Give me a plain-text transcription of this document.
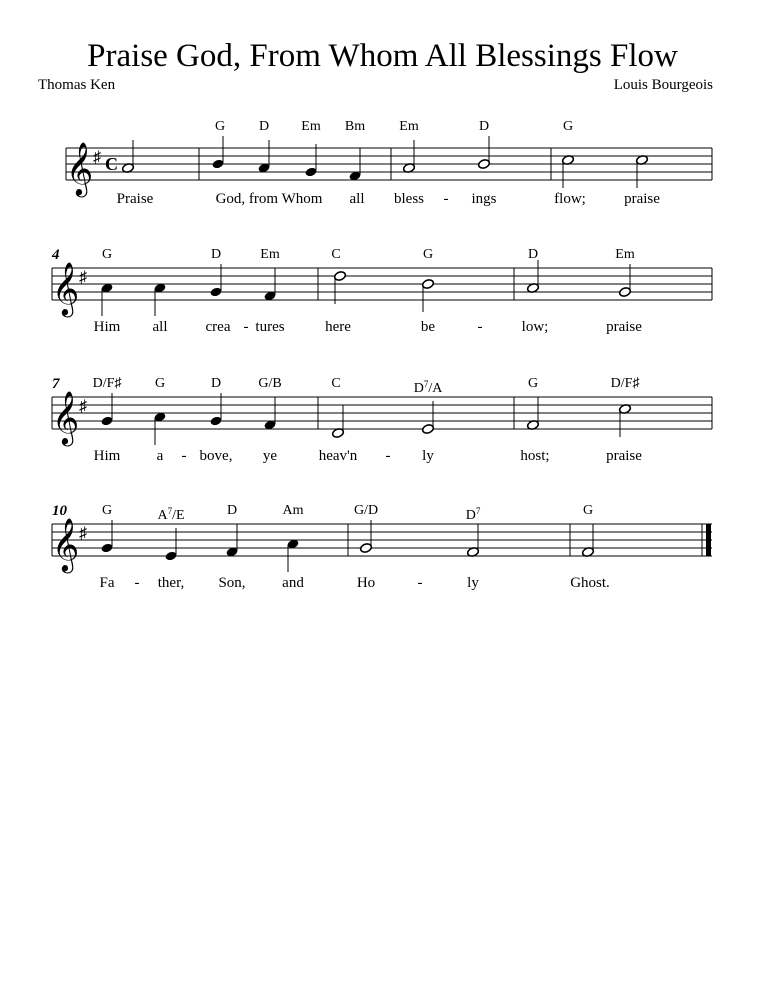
Praise God, From Whom All Blessings Flow
Thomas Ken	Louis Bourgeois
G D Em Bm Em	D	G
𝄞 ♯ C
Praise	God, from Whom all bless - ings	flow;	praise
4	G	D	Em	C	G	D	Em
𝄞 ♯
Him all	crea - tures	here	be	-	low;	praise
7 D/F♯ G	D	G/B	C	$D^7/A$	G	D/F♯
𝄞 ♯
Him a - bove, ye	heav'n - ly	host;	praise
10 G	$A^7/E$	D	Am	G/D	$D^7$	G
𝄞 ♯
Fa - ther, Son, and	Ho	-	ly	Ghost.
